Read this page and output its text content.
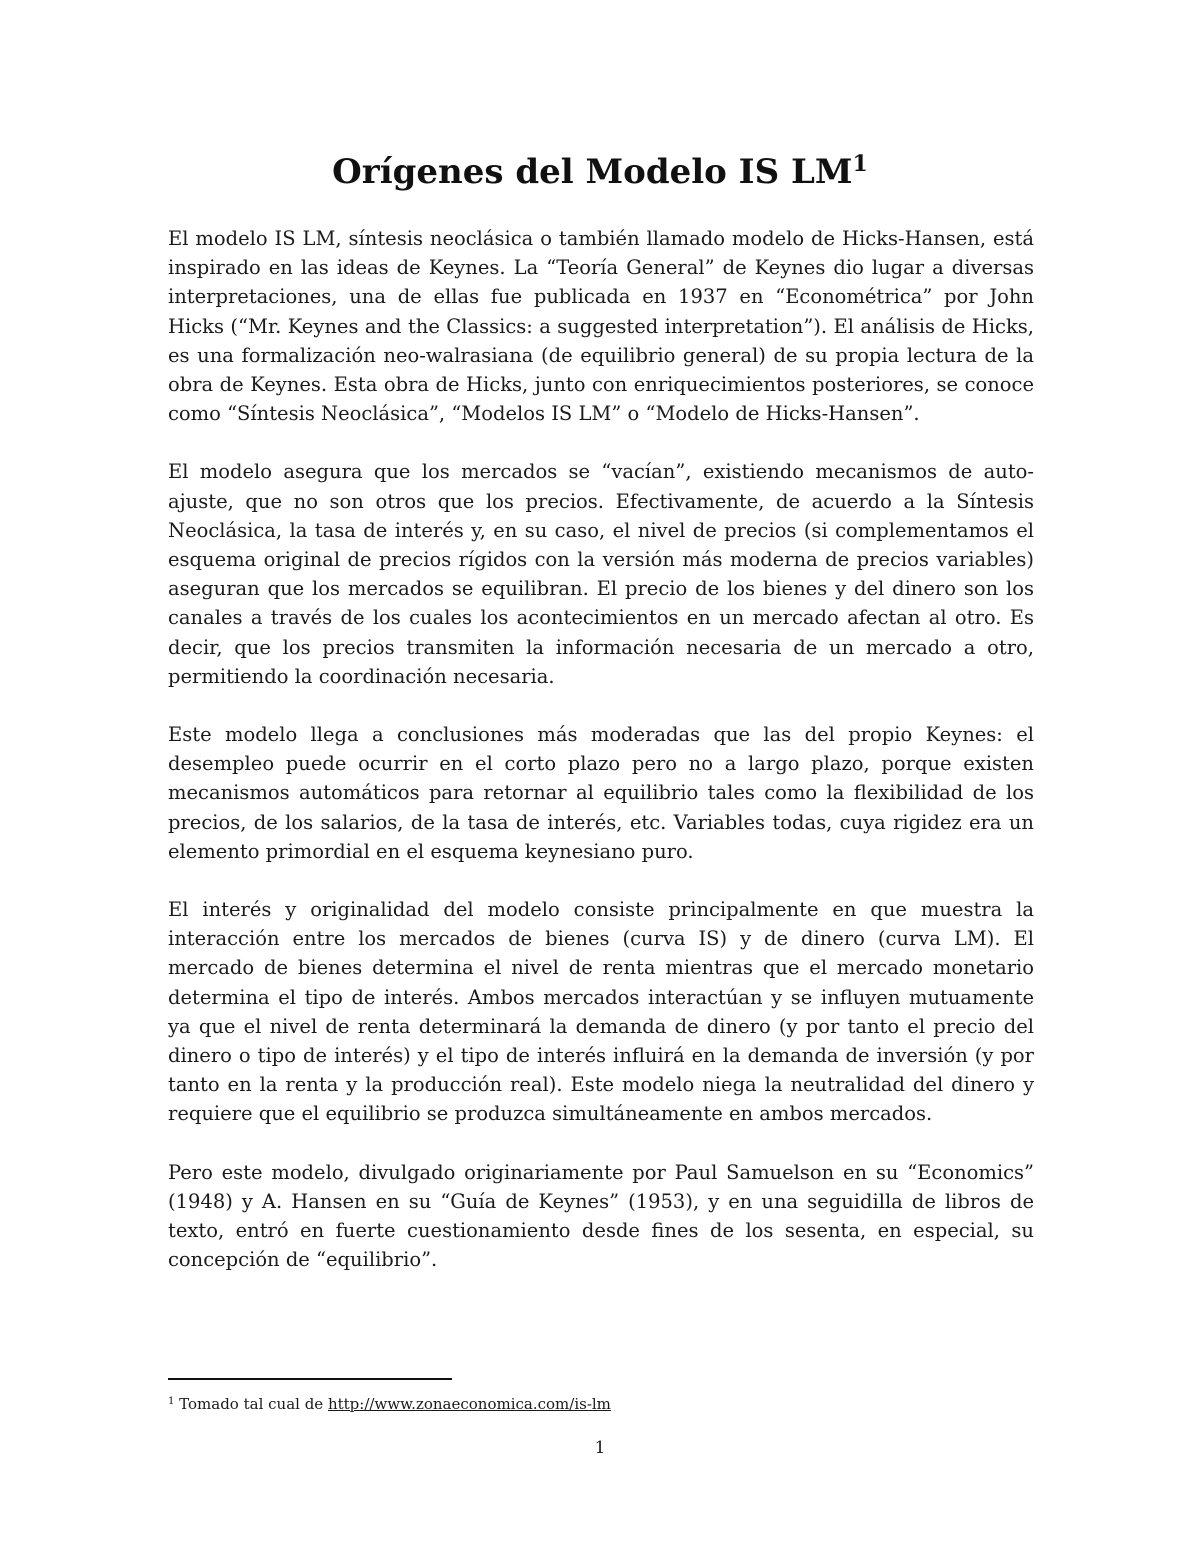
Orígenes del Modelo IS $LM^1$

El modelo IS LM, síntesis neoclásica o también llamado modelo de Hicks-Hansen, está inspirado en las ideas de Keynes. La “Teoría General” de Keynes dio lugar a diversas interpretaciones, una de ellas fue publicada en 1937 en “Econométrica” por John Hicks (“Mr. Keynes and the Classics: a suggested interpretation”). El análisis de Hicks, es una formalización neo-walrasiana (de equilibrio general) de su propia lectura de la obra de Keynes. Esta obra de Hicks, junto con enriquecimientos posteriores, se conoce como “Síntesis Neoclásica”, “Modelos IS LM” o “Modelo de Hicks-Hansen”.

El modelo asegura que los mercados se “vacían”, existiendo mecanismos de auto-ajuste, que no son otros que los precios. Efectivamente, de acuerdo a la Síntesis Neoclásica, la tasa de interés y, en su caso, el nivel de precios (si complementamos el esquema original de precios rígidos con la versión más moderna de precios variables) aseguran que los mercados se equilibran. El precio de los bienes y del dinero son los canales a través de los cuales los acontecimientos en un mercado afectan al otro. Es decir, que los precios transmiten la información necesaria de un mercado a otro, permitiendo la coordinación necesaria.

Este modelo llega a conclusiones más moderadas que las del propio Keynes: el desempleo puede ocurrir en el corto plazo pero no a largo plazo, porque existen mecanismos automáticos para retornar al equilibrio tales como la flexibilidad de los precios, de los salarios, de la tasa de interés, etc. Variables todas, cuya rigidez era un elemento primordial en el esquema keynesiano puro.

El interés y originalidad del modelo consiste principalmente en que muestra la interacción entre los mercados de bienes (curva IS) y de dinero (curva LM). El mercado de bienes determina el nivel de renta mientras que el mercado monetario determina el tipo de interés. Ambos mercados interactúan y se influyen mutuamente ya que el nivel de renta determinará la demanda de dinero (y por tanto el precio del dinero o tipo de interés) y el tipo de interés influirá en la demanda de inversión (y por tanto en la renta y la producción real). Este modelo niega la neutralidad del dinero y requiere que el equilibrio se produzca simultáneamente en ambos mercados.

Pero este modelo, divulgado originariamente por Paul Samuelson en su “Economics” (1948) y A. Hansen en su “Guía de Keynes” (1953), y en una seguidilla de libros de texto, entró en fuerte cuestionamiento desde fines de los sesenta, en especial, su concepción de “equilibrio”.

$^1$ Tomado tal cual de http://www.zonaeconomica.com/is-lm
1
